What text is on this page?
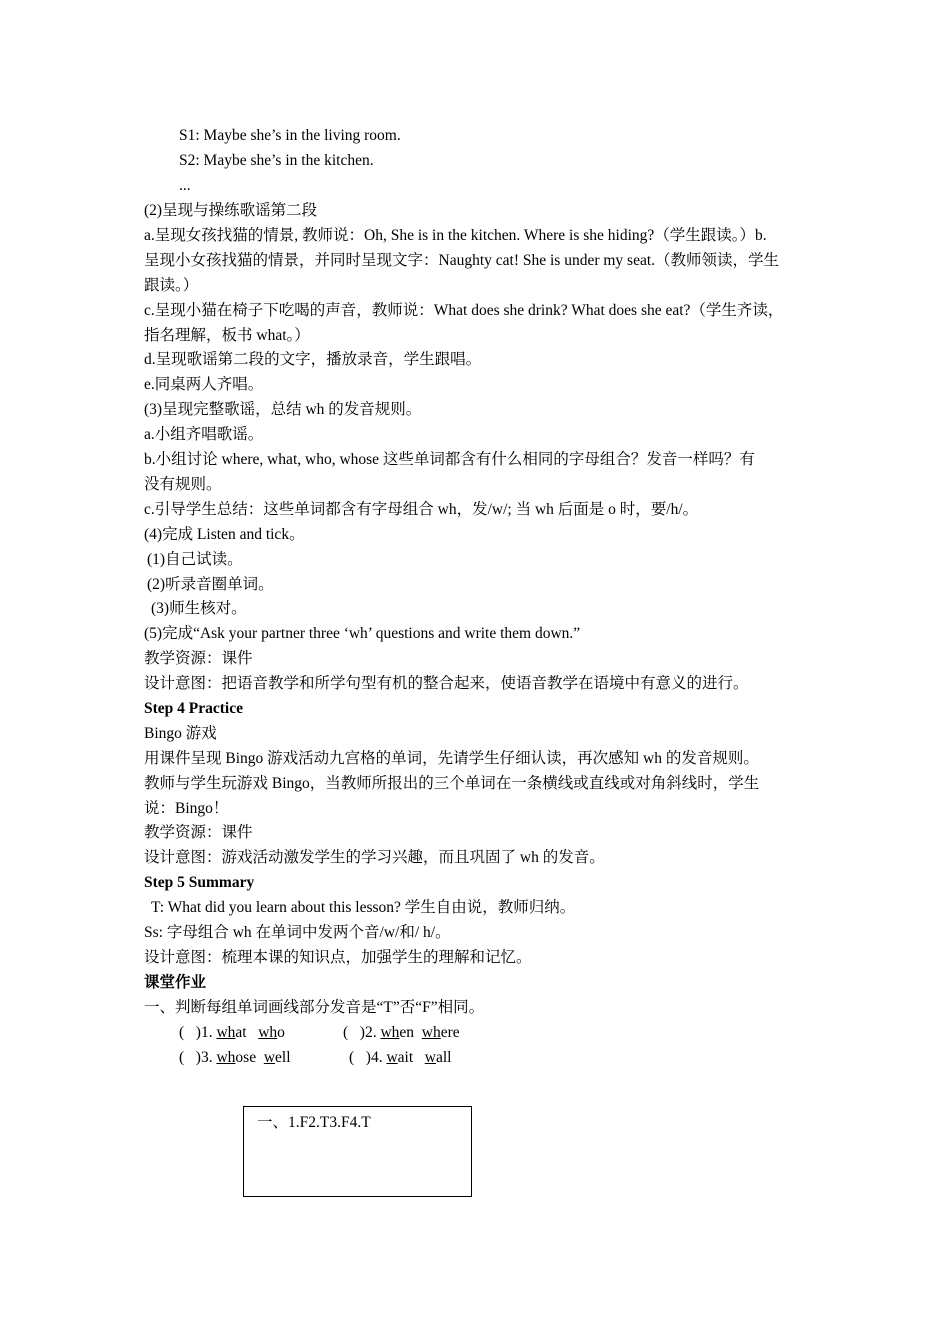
S1: Maybe she’s in the living room.
S2: Maybe she’s in the kitchen.
...
(2)呈现与操练歌谣第二段
a.呈现女孩找猫的情景, 教师说：Oh, She is in the kitchen. Where is she hiding?（学生跟读。）b.
呈现小女孩找猫的情景，并同时呈现文字：Naughty cat! She is under my seat.（教师领读，学生
跟读。）
c.呈现小猫在椅子下吃喝的声音，教师说：What does she drink? What does she eat?（学生齐读，
指名理解，板书 what。）
d.呈现歌谣第二段的文字，播放录音，学生跟唱。
e.同桌两人齐唱。
(3)呈现完整歌谣，总结 wh 的发音规则。
a.小组齐唱歌谣。
b.小组讨论 where, what, who, whose 这些单词都含有什么相同的字母组合？发音一样吗？有
没有规则。
c.引导学生总结：这些单词都含有字母组合 wh，发/w/; 当 wh 后面是 o 时，要/h/。
(4)完成 Listen and tick。
(1)自己试读。
(2)听录音圈单词。
(3)师生核对。
(5)完成“Ask your partner three ‘wh’ questions and write them down.”
教学资源：课件
设计意图：把语音教学和所学句型有机的整合起来，使语音教学在语境中有意义的进行。
Step 4 Practice
Bingo 游戏
用课件呈现 Bingo 游戏活动九宫格的单词，先请学生仔细认读，再次感知 wh 的发音规则。
教师与学生玩游戏 Bingo，当教师所报出的三个单词在一条横线或直线或对角斜线时，学生
说：Bingo！
教学资源：课件
设计意图：游戏活动激发学生的学习兴趣，而且巩固了 wh 的发音。
Step 5 Summary
T: What did you learn about this lesson? 学生自由说，教师归纳。
Ss: 字母组合 wh 在单词中发两个音/w/和/ h/。
设计意图：梳理本课的知识点，加强学生的理解和记忆。
课堂作业
一、判断每组单词画线部分发音是“T”否“F”相同。
(   )1. what who	(   )2. when where
(   )3. whose well	(   )4. wait wall
一、1.F2.T3.F4.T
